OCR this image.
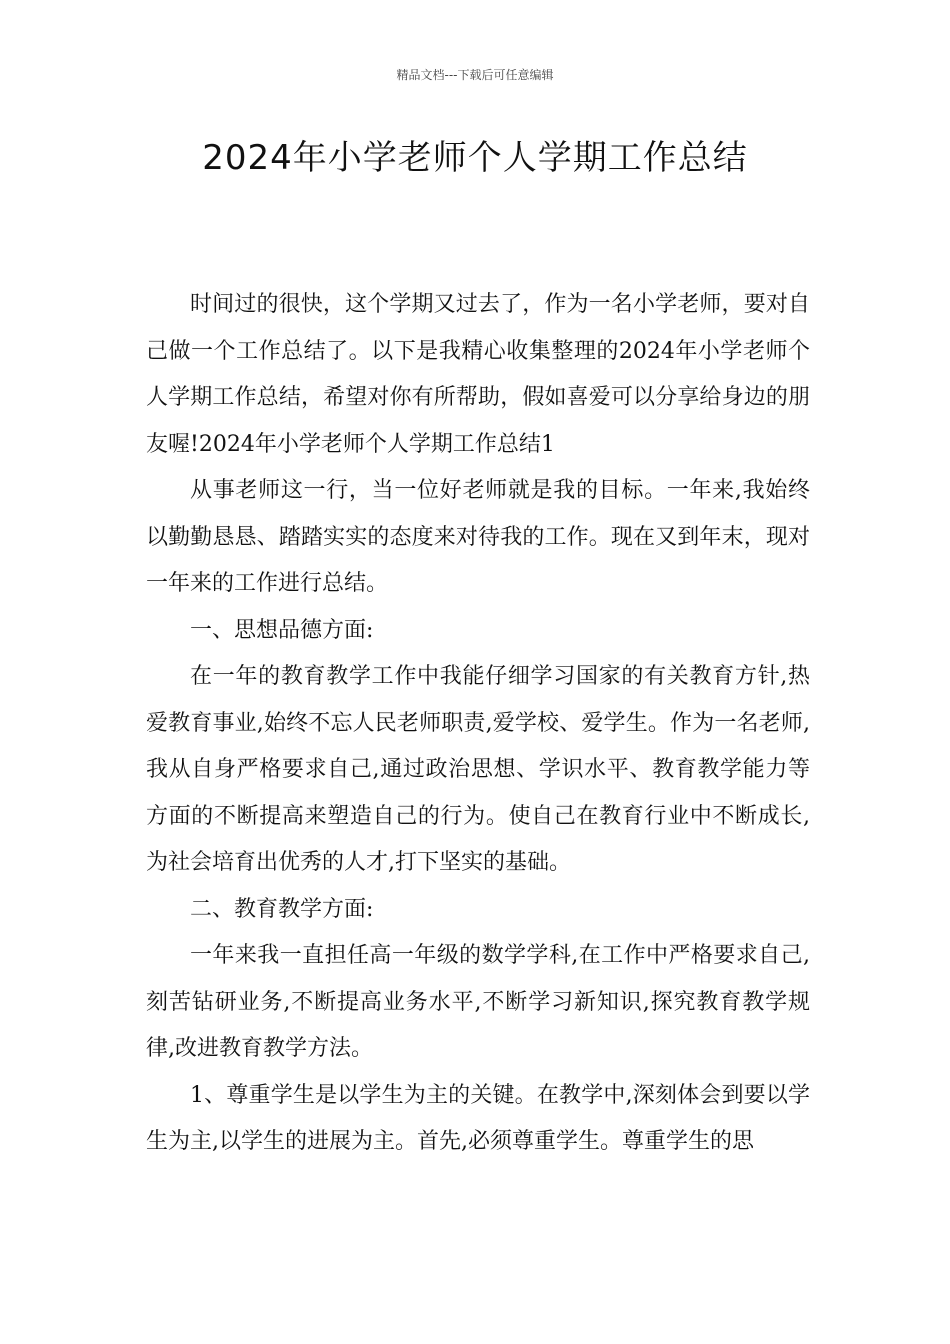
精品文档---下载后可任意编辑
2024年小学老师个人学期工作总结

时间过的很快，这个学期又过去了，作为一名小学老师，要对自己做一个工作总结了。以下是我精心收集整理的2024年小学老师个人学期工作总结，希望对你有所帮助，假如喜爱可以分享给身边的朋友喔!2024年小学老师个人学期工作总结1

从事老师这一行，当一位好老师就是我的目标。一年来,我始终以勤勤恳恳、踏踏实实的态度来对待我的工作。现在又到年末，现对一年来的工作进行总结。

一、思想品德方面:

在一年的教育教学工作中我能仔细学习国家的有关教育方针,热爱教育事业,始终不忘人民老师职责,爱学校、爱学生。作为一名老师,我从自身严格要求自己,通过政治思想、学识水平、教育教学能力等方面的不断提高来塑造自己的行为。使自己在教育行业中不断成长,为社会培育出优秀的人才,打下坚实的基础。

二、教育教学方面:

一年来我一直担任高一年级的数学学科,在工作中严格要求自己,刻苦钻研业务,不断提高业务水平,不断学习新知识,探究教育教学规律,改进教育教学方法。

1、尊重学生是以学生为主的关键。在教学中,深刻体会到要以学生为主,以学生的进展为主。首先,必须尊重学生。尊重学生的思
